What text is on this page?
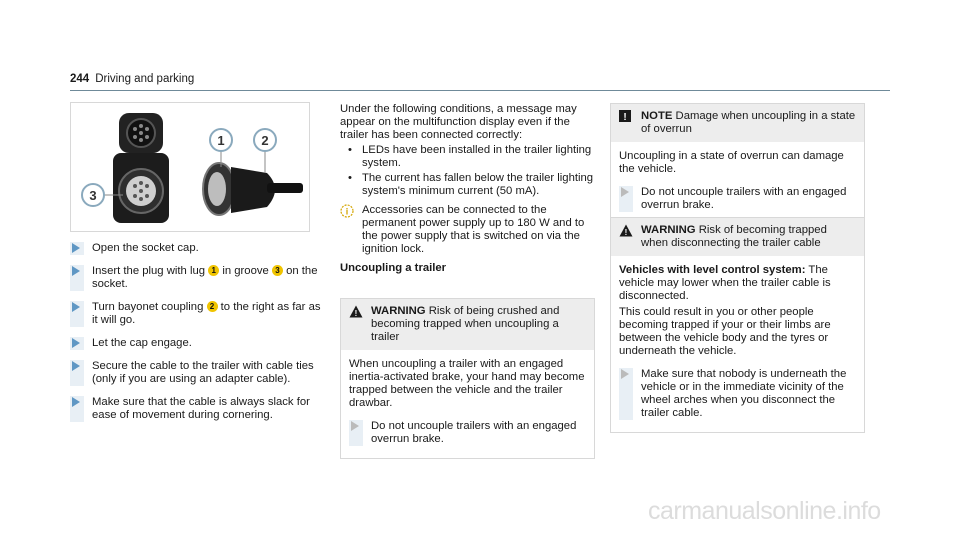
244 Driving and parking
1	2
3
Open the socket cap.
Insert the plug with lug 1 in groove 3 on the socket.
Turn bayonet coupling 2 to the right as far as it will go.
Let the cap engage.
Secure the cable to the trailer with cable ties (only if you are using an adapter cable).
Make sure that the cable is always slack for ease of movement during cornering.

Under the following conditions, a message may appear on the multifunction display even if the trailer has been connected correctly:

• LEDs have been installed in the trailer lighting system.
• The current has fallen below the trailer lighting system's minimum current (50 mA).
i Accessories can be connected to the permanent power supply up to 180 W and to the power supply that is switched on via the ignition lock.
Uncoupling a trailer
! WARNING Risk of being crushed and becoming trapped when uncoupling a trailer

When uncoupling a trailer with an engaged inertia-activated brake, your hand may become trapped between the vehicle and the trailer drawbar.

Do not uncouple trailers with an engaged overrun brake.
! NOTE Damage when uncoupling in a state of overrun

Uncoupling in a state of overrun can damage the vehicle.

Do not uncouple trailers with an engaged overrun brake.
! WARNING Risk of becoming trapped when disconnecting the trailer cable

Vehicles with level control system: The vehicle may lower when the trailer cable is disconnected.

This could result in you or other people becoming trapped if your or their limbs are between the vehicle body and the tyres or underneath the vehicle.

Make sure that nobody is underneath the vehicle or in the immediate vicinity of the wheel arches when you disconnect the trailer cable.
carmanualsonline.info
